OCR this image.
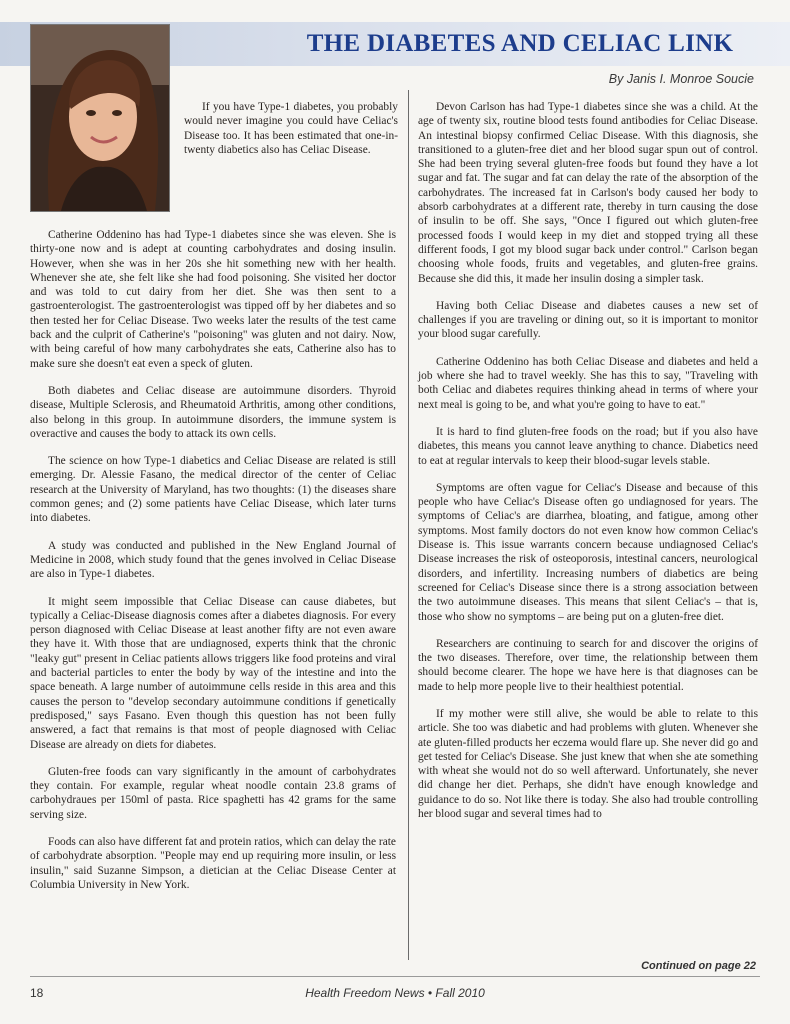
THE DIABETES AND CELIAC LINK
By Janis I. Monroe Soucie

If you have Type-1 diabetes, you probably would never imagine you could have Celiac's Disease too. It has been estimated that one-in-twenty diabetics also has Celiac Disease.

Catherine Oddenino has had Type-1 diabetes since she was eleven. She is thirty-one now and is adept at counting carbohydrates and dosing insulin. However, when she was in her 20s she hit something new with her health. Whenever she ate, she felt like she had food poisoning. She visited her doctor and was told to cut dairy from her diet. She was then sent to a gastroenterologist. The gastroenterologist was tipped off by her diabetes and so then tested her for Celiac Disease. Two weeks later the results of the test came back and the culprit of Catherine's "poisoning" was gluten and not dairy. Now, with being careful of how many carbohydrates she eats, Catherine also has to make sure she doesn't eat even a speck of gluten.

Both diabetes and Celiac disease are autoimmune disorders. Thyroid disease, Multiple Sclerosis, and Rheumatoid Arthritis, among other conditions, also belong in this group. In autoimmune disorders, the immune system is overactive and causes the body to attack its own cells.

The science on how Type-1 diabetics and Celiac Disease are related is still emerging. Dr. Alessie Fasano, the medical director of the center of Celiac research at the University of Maryland, has two thoughts: (1) the diseases share common genes; and (2) some patients have Celiac Disease, which later turns into diabetes.

A study was conducted and published in the New England Journal of Medicine in 2008, which study found that the genes involved in Celiac Disease are also in Type-1 diabetes.

It might seem impossible that Celiac Disease can cause diabetes, but typically a Celiac-Disease diagnosis comes after a diabetes diagnosis. For every person diagnosed with Celiac Disease at least another fifty are not even aware they have it. With those that are undiagnosed, experts think that the chronic "leaky gut" present in Celiac patients allows triggers like food proteins and viral and bacterial particles to enter the body by way of the intestine and into the space beneath. A large number of autoimmune cells reside in this area and this causes the person to "develop secondary autoimmune conditions if genetically predisposed," says Fasano. Even though this question has not been fully answered, a fact that remains is that most of people diagnosed with Celiac Disease are already on diets for diabetes.

Gluten-free foods can vary significantly in the amount of carbohydrates they contain. For example, regular wheat noodle contain 23.8 grams of carbohydraues per 150ml of pasta. Rice spaghetti has 42 grams for the same serving size.

Foods can also have different fat and protein ratios, which can delay the rate of carbohydrate absorption. "People may end up requiring more insulin, or less insulin," said Suzanne Simpson, a dietician at the Celiac Disease Center at Columbia University in New York.

Devon Carlson has had Type-1 diabetes since she was a child. At the age of twenty six, routine blood tests found antibodies for Celiac Disease. An intestinal biopsy confirmed Celiac Disease. With this diagnosis, she transitioned to a gluten-free diet and her blood sugar spun out of control. She had been trying several gluten-free foods but found they have a lot sugar and fat. The sugar and fat can delay the rate of the absorption of the carbohydrates. The increased fat in Carlson's body caused her body to absorb carbohydrates at a different rate, thereby in turn causing the dose of insulin to be off. She says, "Once I figured out which gluten-free processed foods I would keep in my diet and stopped trying all these different foods, I got my blood sugar back under control." Carlson began choosing whole foods, fruits and vegetables, and gluten-free grains. Because she did this, it made her insulin dosing a simpler task.

Having both Celiac Disease and diabetes causes a new set of challenges if you are traveling or dining out, so it is important to monitor your blood sugar carefully.

Catherine Oddenino has both Celiac Disease and diabetes and held a job where she had to travel weekly. She has this to say, "Traveling with both Celiac and diabetes requires thinking ahead in terms of where your next meal is going to be, and what you're going to have to eat."

It is hard to find gluten-free foods on the road; but if you also have diabetes, this means you cannot leave anything to chance. Diabetics need to eat at regular intervals to keep their blood-sugar levels stable.

Symptoms are often vague for Celiac's Disease and because of this people who have Celiac's Disease often go undiagnosed for years. The symptoms of Celiac's are diarrhea, bloating, and fatigue, among other symptoms. Most family doctors do not even know how common Celiac's Disease is. This issue warrants concern because undiagnosed Celiac's Disease increases the risk of osteoporosis, intestinal cancers, neurological disorders, and infertility. Increasing numbers of diabetics are being screened for Celiac's Disease since there is a strong association between the two autoimmune diseases. This means that silent Celiac's – that is, those who show no symptoms – are being put on a gluten-free diet.

Researchers are continuing to search for and discover the origins of the two diseases. Therefore, over time, the relationship between them should become clearer. The hope we have here is that diagnoses can be made to help more people live to their healthiest potential.

If my mother were still alive, she would be able to relate to this article. She too was diabetic and had problems with gluten. Whenever she ate gluten-filled products her eczema would flare up. She never did go and get tested for Celiac's Disease. She just knew that when she ate something with wheat she would not do so well afterward. Unfortunately, she never did change her diet. Perhaps, she didn't have enough knowledge and guidance to do so. Not like there is today. She also had trouble controlling her blood sugar and several times had to

Continued on page 22
18	Health Freedom News • Fall 2010
